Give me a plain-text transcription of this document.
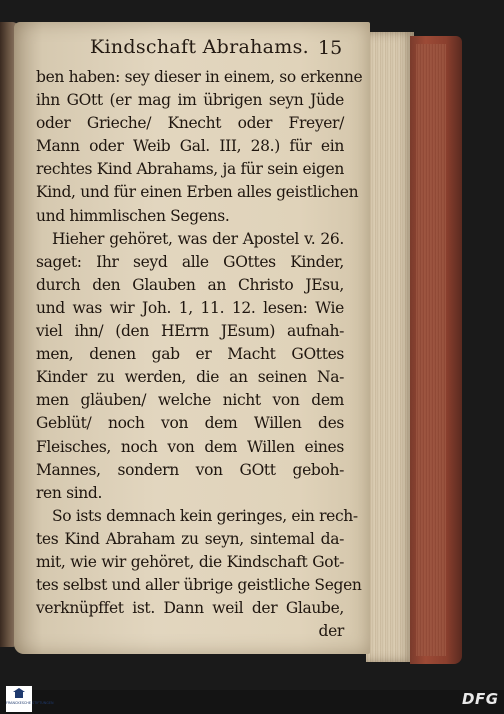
Kindschaft Abrahams. 15
ben haben: sey dieser in einem, so erkenne
ihn GOtt (er mag im übrigen seyn Jüde
oder Grieche/ Knecht oder Freyer/
Mann oder Weib Gal. III, 28.) für ein
rechtes Kind Abrahams, ja für sein eigen
Kind, und für einen Erben alles geistlichen
und himmlischen Segens.
Hieher gehöret, was der Apostel v. 26.
saget: Ihr seyd alle GOttes Kinder,
durch den Glauben an Christo JEsu,
und was wir Joh. 1, 11. 12. lesen: Wie
viel ihn/ (den HErrn JEsum) aufnah-
men, denen gab er Macht GOttes
Kinder zu werden, die an seinen Na-
men gläuben/ welche nicht von dem
Geblüt/ noch von dem Willen des
Fleisches, noch von dem Willen eines
Mannes, sondern von GOtt geboh-
ren sind.
So ists demnach kein geringes, ein rech-
tes Kind Abraham zu seyn, sintemal da-
mit, wie wir gehöret, die Kindschaft Got-
tes selbst und aller übrige geistliche Segen
verknüpffet ist. Dann weil der Glaube,
der
FRANCKESCHE STIFTUNGEN	DFG
